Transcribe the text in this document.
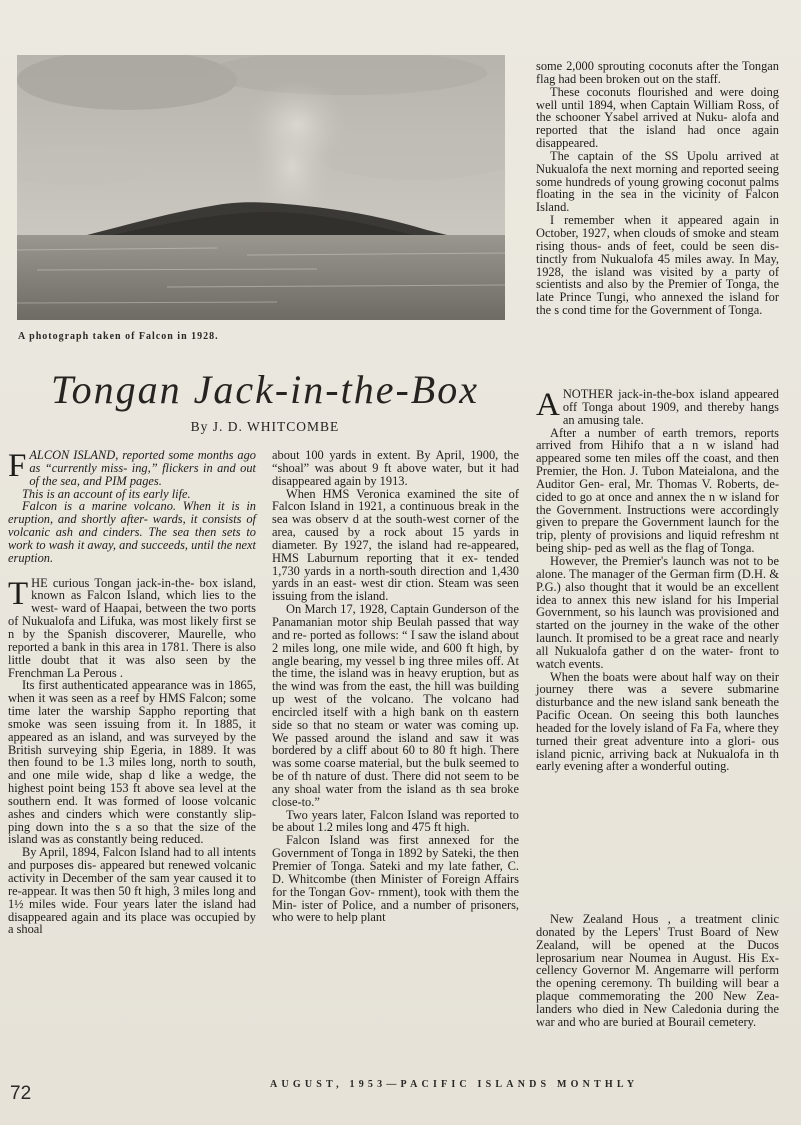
A photograph taken of Falcon in 1928.
Tongan Jack-in-the-Box
By J. D. WHITCOMBE

FALCON ISLAND, reported some months ago as “currently miss- ing,” flickers in and out of the sea, and PIM pages.

This is an account of its early life.

Falcon is a marine volcano. When it is in eruption, and shortly after- wards, it consists of volcanic ash and cinders. The sea then sets to work to wash it away, and succeeds, until the next eruption.

THE curious Tongan jack-in-the- box island, known as Falcon Island, which lies to the west- ward of Haapai, between the two ports of Nukualofa and Lifuka, was most likely first se n by the Spanish discoverer, Maurelle, who reported a bank in this area in 1781. There is also little doubt that it was also seen by the Frenchman La Perous .

Its first authenticated appearance was in 1865, when it was seen as a reef by HMS Falcon; some time later the warship Sappho reporting that smoke was seen issuing from it. In 1885, it appeared as an island, and was surveyed by the British surveying ship Egeria, in 1889. It was then found to be 1.3 miles long, north to south, and one mile wide, shap d like a wedge, the highest point being 153 ft above sea level at the southern end. It was formed of loose volcanic ashes and cinders which were constantly slip- ping down into the s a so that the size of the island was as constantly being reduced.

By April, 1894, Falcon Island had to all intents and purposes dis- appeared but renewed volcanic activity in December of the sam year caused it to re-appear. It was then 50 ft high, 3 miles long and 1½ miles wide. Four years later the island had disappeared again and its place was occupied by a shoal

about 100 yards in extent. By April, 1900, the “shoal” was about 9 ft above water, but it had disappeared again by 1913.

When HMS Veronica examined the site of Falcon Island in 1921, a continuous break in the sea was observ d at the south-west corner of the area, caused by a rock about 15 yards in diameter. By 1927, the island had re-appeared, HMS Laburnum reporting that it ex- tended 1,730 yards in a north-south direction and 1,430 yards in an east- west dir ction. Steam was seen issuing from the island.

On March 17, 1928, Captain Gunderson of the Panamanian motor ship Beulah passed that way and re- ported as follows: “ I saw the island about 2 miles long, one mile wide, and 600 ft high, by angle bearing, my vessel b ing three miles off. At the time, the island was in heavy eruption, but as the wind was from the east, the hill was building up west of the volcano. The volcano had encircled itself with a high bank on th eastern side so that no steam or water was coming up. We passed around the island and saw it was bordered by a cliff about 60 to 80 ft high. There was some coarse material, but the bulk seemed to be of th nature of dust. There did not seem to be any shoal water from the island as th sea broke close-to.”

Two years later, Falcon Island was reported to be about 1.2 miles long and 475 ft high.

Falcon Island was first annexed for the Government of Tonga in 1892 by Sateki, the then Premier of Tonga. Sateki and my late father, C. D. Whitcombe (then Minister of Foreign Affairs for the Tongan Gov- rnment), took with them the Min- ister of Police, and a number of prisoners, who were to help plant

some 2,000 sprouting coconuts after the Tongan flag had been broken out on the staff.

These coconuts flourished and were doing well until 1894, when Captain William Ross, of the schooner Ysabel arrived at Nuku- alofa and reported that the island had once again disappeared.

The captain of the SS Upolu arrived at Nukualofa the next morning and reported seeing some hundreds of young growing coconut palms floating in the sea in the vicinity of Falcon Island.

I remember when it appeared again in October, 1927, when clouds of smoke and steam rising thous- ands of feet, could be seen dis- tinctly from Nukualofa 45 miles away. In May, 1928, the island was visited by a party of scientists and also by the Premier of Tonga, the late Prince Tungi, who annexed the island for the s cond time for the Government of Tonga.

ANOTHER jack-in-the-box island appeared off Tonga about 1909, and thereby hangs an amusing tale.

After a number of earth tremors, reports arrived from Hihifo that a n w island had appeared some ten miles off the coast, and then Premier, the Hon. J. Tubon Mateialona, and the Auditor Gen- eral, Mr. Thomas V. Roberts, de- cided to go at once and annex the n w island for the Government. Instructions were accordingly given to prepare the Government launch for the trip, plenty of provisions and liquid refreshm nt being ship- ped as well as the flag of Tonga.

However, the Premier's launch was not to be alone. The manager of the German firm (D.H. & P.G.) also thought that it would be an excellent idea to annex this new island for his Imperial Government, so his launch was provisioned and started on the journey in the wake of the other launch. It promised to be a great race and nearly all Nukualofa gather d on the water- front to watch events.

When the boats were about half way on their journey there was a severe submarine disturbance and the new island sank beneath the Pacific Ocean. On seeing this both launches headed for the lovely island of Fa Fa, where they turned their great adventure into a glori- ous island picnic, arriving back at Nukualofa in th early evening after a wonderful outing.

New Zealand Hous , a treatment clinic donated by the Lepers' Trust Board of New Zealand, will be opened at the Ducos leprosarium near Noumea in August. His Ex- cellency Governor M. Angemarre will perform the opening ceremony. Th building will bear a plaque commemorating the 200 New Zea- landers who died in New Caledonia during the war and who are buried at Bourail cemetery.

72	AUGUST, 1953—PACIFIC ISLANDS MONTHLY
